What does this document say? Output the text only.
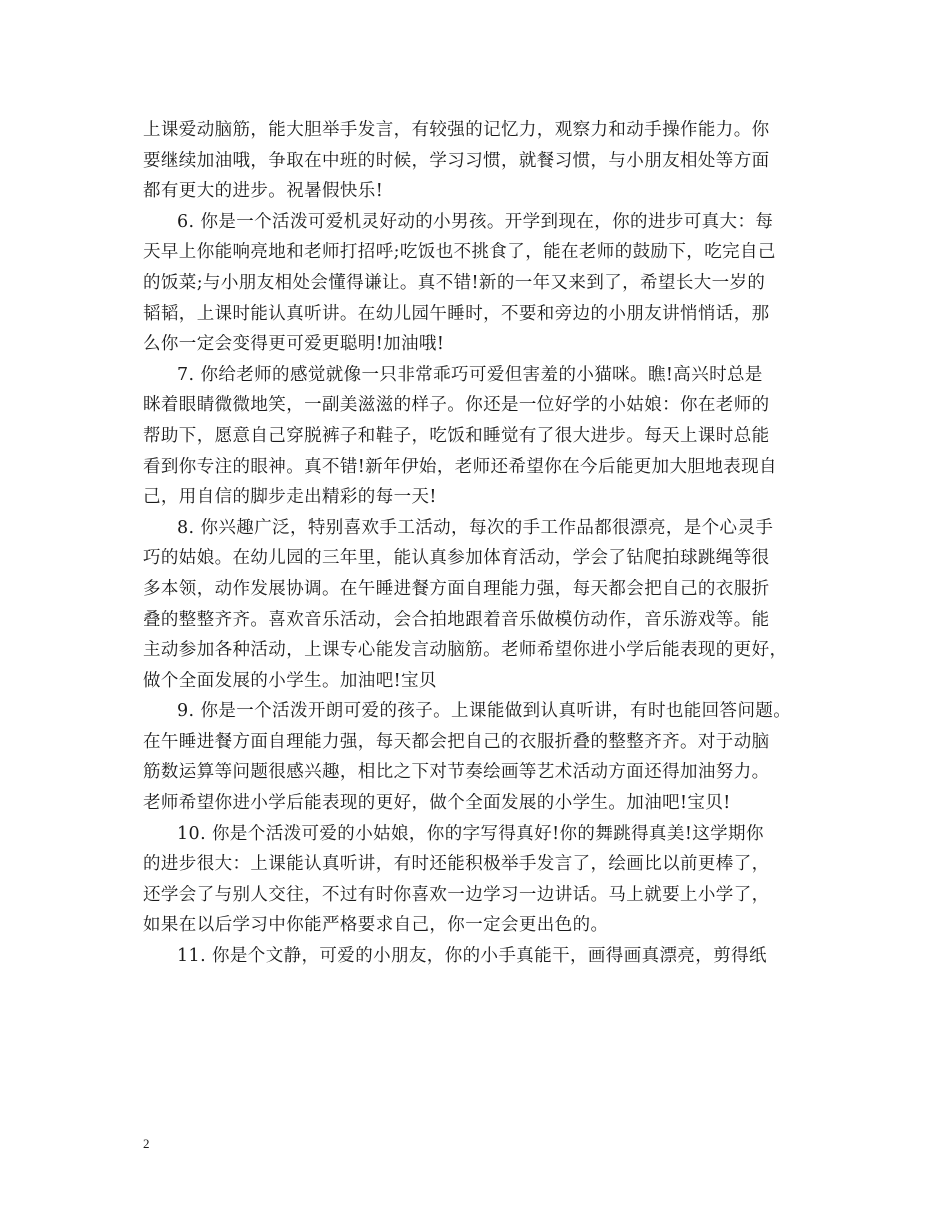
上课爱动脑筋，能大胆举手发言，有较强的记忆力，观察力和动手操作能力。你
要继续加油哦，争取在中班的时候，学习习惯，就餐习惯，与小朋友相处等方面
都有更大的进步。祝暑假快乐!
6. 你是一个活泼可爱机灵好动的小男孩。开学到现在，你的进步可真大：每
天早上你能响亮地和老师打招呼;吃饭也不挑食了，能在老师的鼓励下，吃完自己
的饭菜;与小朋友相处会懂得谦让。真不错!新的一年又来到了，希望长大一岁的
韬韬，上课时能认真听讲。在幼儿园午睡时，不要和旁边的小朋友讲悄悄话，那
么你一定会变得更可爱更聪明!加油哦!
7. 你给老师的感觉就像一只非常乖巧可爱但害羞的小猫咪。瞧!高兴时总是
眯着眼睛微微地笑，一副美滋滋的样子。你还是一位好学的小姑娘：你在老师的
帮助下，愿意自己穿脱裤子和鞋子，吃饭和睡觉有了很大进步。每天上课时总能
看到你专注的眼神。真不错!新年伊始，老师还希望你在今后能更加大胆地表现自
己，用自信的脚步走出精彩的每一天!
8. 你兴趣广泛，特别喜欢手工活动，每次的手工作品都很漂亮，是个心灵手
巧的姑娘。在幼儿园的三年里，能认真参加体育活动，学会了钻爬拍球跳绳等很
多本领，动作发展协调。在午睡进餐方面自理能力强，每天都会把自己的衣服折
叠的整整齐齐。喜欢音乐活动，会合拍地跟着音乐做模仿动作，音乐游戏等。能
主动参加各种活动，上课专心能发言动脑筋。老师希望你进小学后能表现的更好，
做个全面发展的小学生。加油吧!宝贝
9. 你是一个活泼开朗可爱的孩子。上课能做到认真听讲，有时也能回答问题。
在午睡进餐方面自理能力强，每天都会把自己的衣服折叠的整整齐齐。对于动脑
筋数运算等问题很感兴趣，相比之下对节奏绘画等艺术活动方面还得加油努力。
老师希望你进小学后能表现的更好，做个全面发展的小学生。加油吧!宝贝!
10. 你是个活泼可爱的小姑娘，你的字写得真好!你的舞跳得真美!这学期你
的进步很大：上课能认真听讲，有时还能积极举手发言了，绘画比以前更棒了，
还学会了与别人交往，不过有时你喜欢一边学习一边讲话。马上就要上小学了，
如果在以后学习中你能严格要求自己，你一定会更出色的。
11. 你是个文静，可爱的小朋友，你的小手真能干，画得画真漂亮，剪得纸
2
